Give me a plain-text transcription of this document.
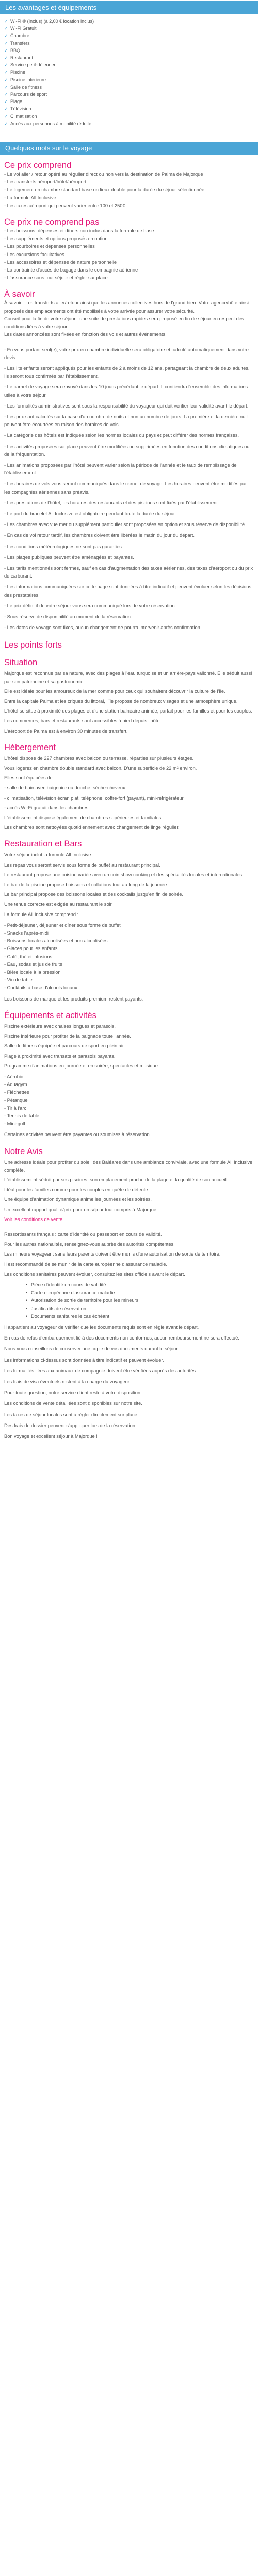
Les avantages et équipements
✓ Wi-Fi ® (Inclus) (à 2,00 € location inclus)
✓ Wi-Fi Gratuit
✓ Chambre
✓ Transfers
✓ BBQ
✓ Restaurant
✓ Service petit-déjeuner
✓ Piscine
✓ Piscine intérieure
✓ Salle de fitness
✓ Parcours de sport
✓ Plage
✓ Télévision
✓ Climatisation
✓ Accès aux personnes à mobilité réduite
Quelques mots sur le voyage
Ce prix comprend

- Le vol aller / retour opéré au régulier direct ou non vers la destination de Palma de Majorque

- Les transferts aéroport/hôtel/aéroport

- Le logement en chambre standard base un lieux double pour la durée du séjour sélectionnée

- La formule All Inclusive

- Les taxes aéroport qui peuvent varier entre 100 et 250€

Ce prix ne comprend pas

- Les boissons, dépenses et dîners non inclus dans la formule de base

- Les suppléments et options proposés en option

- Les pourboires et dépenses personnelles

- Les excursions facultatives

- Les accessoires et dépenses de nature personnelle

- La contrainte d'accès de bagage dans le compagnie aérienne

- L'assurance sous tout séjour et régler sur place

À savoir

À savoir : Les transferts aller/retour ainsi que les annonces collectives hors de l’grand bien. Votre agence/hôte ainsi proposés des emplacements ont été mobilisés à votre arrivée pour assurer votre sécurité.

Conseil pour la fin de votre séjour : une suite de prestations rapides sera proposé en fin de séjour en respect des conditions liées à votre séjour.

Les dates annoncées sont fixées en fonction des vols et autres événements.

- En vous portant seul(e), votre prix en chambre individuelle sera obligatoire et calculé automatiquement dans votre devis.

- Les lits enfants seront appliqués pour les enfants de 2 à moins de 12 ans, partageant la chambre de deux adultes. Ils seront tous confirmés par l'établissement.

- Le carnet de voyage sera envoyé dans les 10 jours précédant le départ. Il contiendra l'ensemble des informations utiles à votre séjour.

- Les formalités administratives sont sous la responsabilité du voyageur qui doit vérifier leur validité avant le départ.

- Les prix sont calculés sur la base d'un nombre de nuits et non un nombre de jours. La première et la dernière nuit peuvent être écourtées en raison des horaires de vols.

- La catégorie des hôtels est indiquée selon les normes locales du pays et peut différer des normes françaises.

- Les activités proposées sur place peuvent être modifiées ou supprimées en fonction des conditions climatiques ou de la fréquentation.

- Les animations proposées par l'hôtel peuvent varier selon la période de l'année et le taux de remplissage de l'établissement.

- Les horaires de vols vous seront communiqués dans le carnet de voyage. Les horaires peuvent être modifiés par les compagnies aériennes sans préavis.

- Les prestations de l'hôtel, les horaires des restaurants et des piscines sont fixés par l'établissement.

- Le port du bracelet All Inclusive est obligatoire pendant toute la durée du séjour.

- Les chambres avec vue mer ou supplément particulier sont proposées en option et sous réserve de disponibilité.

- En cas de vol retour tardif, les chambres doivent être libérées le matin du jour du départ.

- Les conditions météorologiques ne sont pas garanties.

- Les plages publiques peuvent être aménagées et payantes.

- Les tarifs mentionnés sont fermes, sauf en cas d'augmentation des taxes aériennes, des taxes d'aéroport ou du prix du carburant.

- Les informations communiquées sur cette page sont données à titre indicatif et peuvent évoluer selon les décisions des prestataires.

- Le prix définitif de votre séjour vous sera communiqué lors de votre réservation.

- Sous réserve de disponibilité au moment de la réservation.

- Les dates de voyage sont fixes, aucun changement ne pourra intervenir après confirmation.

Les points forts
Situation

Majorque est reconnue par sa nature, avec des plages à l'eau turquoise et un arrière-pays vallonné. Elle séduit aussi par son patrimoine et sa gastronomie.

Elle est idéale pour les amoureux de la mer comme pour ceux qui souhaitent découvrir la culture de l'île.

Entre la capitale Palma et les criques du littoral, l'île propose de nombreux visages et une atmosphère unique.

L'hôtel se situe à proximité des plages et d'une station balnéaire animée, parfait pour les familles et pour les couples.

Les commerces, bars et restaurants sont accessibles à pied depuis l'hôtel.

L'aéroport de Palma est à environ 30 minutes de transfert.

Hébergement

L'hôtel dispose de 227 chambres avec balcon ou terrasse, réparties sur plusieurs étages.

Vous logerez en chambre double standard avec balcon. D'une superficie de 22 m² environ.

Elles sont équipées de :

- salle de bain avec baignoire ou douche, sèche-cheveux

- climatisation, télévision écran plat, téléphone, coffre-fort (payant), mini-réfrigérateur

- accès Wi-Fi gratuit dans les chambres

L'établissement dispose également de chambres supérieures et familiales.

Les chambres sont nettoyées quotidiennement avec changement de linge régulier.

Restauration et Bars

Votre séjour inclut la formule All Inclusive.

Les repas vous seront servis sous forme de buffet au restaurant principal.

Le restaurant propose une cuisine variée avec un coin show cooking et des spécialités locales et internationales.

Le bar de la piscine propose boissons et collations tout au long de la journée.

Le bar principal propose des boissons locales et des cocktails jusqu'en fin de soirée.

Une tenue correcte est exigée au restaurant le soir.

La formule All Inclusive comprend :

- Petit-déjeuner, déjeuner et dîner sous forme de buffet
- Snacks l'après-midi
- Boissons locales alcoolisées et non alcoolisées
- Glaces pour les enfants
- Café, thé et infusions
- Eau, sodas et jus de fruits
- Bière locale à la pression
- Vin de table
- Cocktails à base d'alcools locaux

Les boissons de marque et les produits premium restent payants.

Équipements et activités

Piscine extérieure avec chaises longues et parasols.

Piscine intérieure pour profiter de la baignade toute l'année.

Salle de fitness équipée et parcours de sport en plein air.

Plage à proximité avec transats et parasols payants.

Programme d'animations en journée et en soirée, spectacles et musique.

- Aérobic
- Aquagym
- Fléchettes
- Pétanque
- Tir à l'arc
- Tennis de table
- Mini-golf

Certaines activités peuvent être payantes ou soumises à réservation.

Notre Avis

Une adresse idéale pour profiter du soleil des Baléares dans une ambiance conviviale, avec une formule All Inclusive complète.

L'établissement séduit par ses piscines, son emplacement proche de la plage et la qualité de son accueil.

Idéal pour les familles comme pour les couples en quête de détente.

Une équipe d'animation dynamique anime les journées et les soirées.

Un excellent rapport qualité/prix pour un séjour tout compris à Majorque.

Voir les conditions de vente

Ressortissants français : carte d'identité ou passeport en cours de validité.

Pour les autres nationalités, renseignez-vous auprès des autorités compétentes.

Les mineurs voyageant sans leurs parents doivent être munis d'une autorisation de sortie de territoire.

Il est recommandé de se munir de la carte européenne d'assurance maladie.

Les conditions sanitaires peuvent évoluer, consultez les sites officiels avant le départ.

• Pièce d'identité en cours de validité
• Carte européenne d'assurance maladie
• Autorisation de sortie de territoire pour les mineurs
• Justificatifs de réservation
• Documents sanitaires le cas échéant

Il appartient au voyageur de vérifier que les documents requis sont en règle avant le départ.

En cas de refus d'embarquement lié à des documents non conformes, aucun remboursement ne sera effectué.

Nous vous conseillons de conserver une copie de vos documents durant le séjour.

Les informations ci-dessus sont données à titre indicatif et peuvent évoluer.

Les formalités liées aux animaux de compagnie doivent être vérifiées auprès des autorités.

Les frais de visa éventuels restent à la charge du voyageur.

Pour toute question, notre service client reste à votre disposition.

Les conditions de vente détaillées sont disponibles sur notre site.

Les taxes de séjour locales sont à régler directement sur place.

Des frais de dossier peuvent s'appliquer lors de la réservation.

Bon voyage et excellent séjour à Majorque !
